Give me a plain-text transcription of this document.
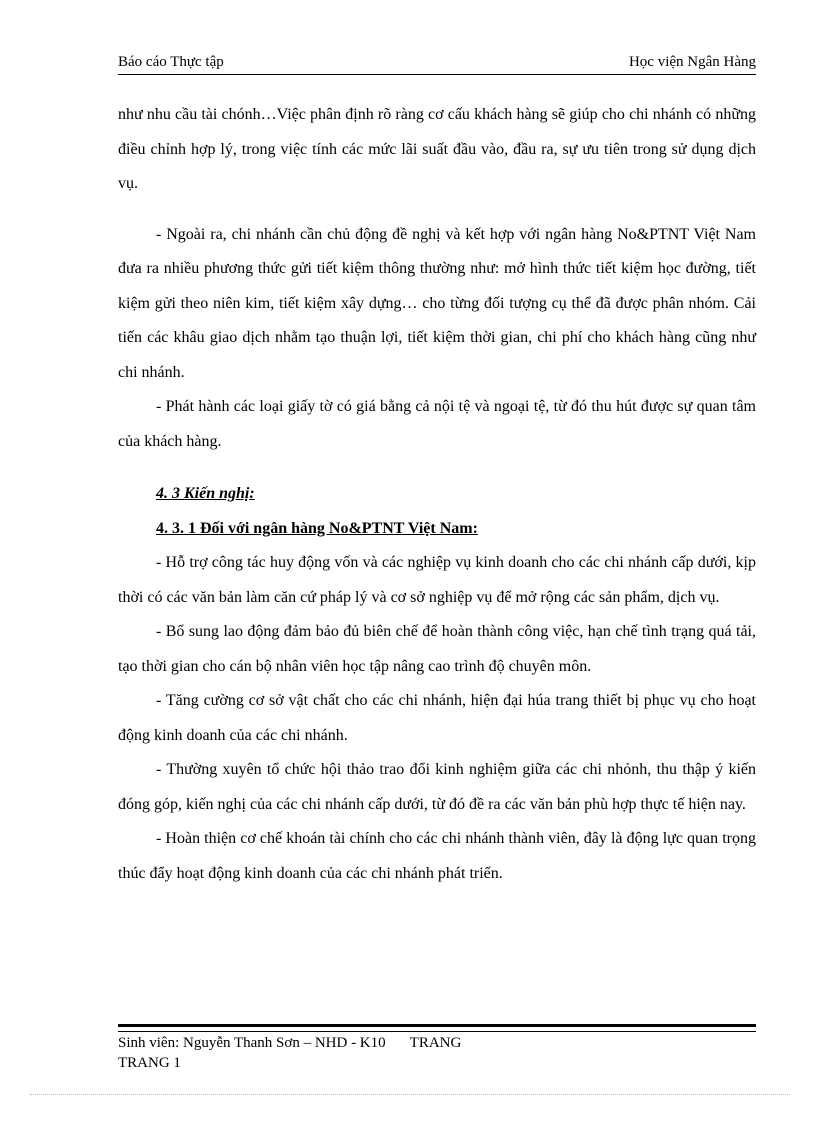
Báo cáo Thực tập	Học viện Ngân Hàng

như nhu cầu tài chónh…Việc phân định rõ ràng cơ cấu khách hàng sẽ giúp cho chi nhánh có những điều chỉnh hợp lý, trong việc tính các mức lãi suất đầu vào, đầu ra, sự ưu tiên trong sử dụng dịch vụ.

- Ngoài ra, chi nhánh cần chủ động đề nghị và kết hợp với ngân hàng No&PTNT Việt Nam đưa ra nhiều phương thức gửi tiết kiệm thông thường như: mở hình thức tiết kiệm học đường, tiết kiệm gửi theo niên kim, tiết kiệm xây dựng… cho từng đối tượng cụ thể đã được phân nhóm. Cải tiến các khâu giao dịch nhằm tạo thuận lợi, tiết kiệm thời gian, chi phí cho khách hàng cũng như chi nhánh.

- Phát hành các loại giấy tờ có giá bằng cả nội tệ và ngoại tệ, từ đó thu hút được sự quan tâm của khách hàng.

4. 3 Kiến nghị:

4. 3. 1 Đối với ngân hàng No&PTNT Việt Nam:

- Hỗ trợ công tác huy động vốn và các nghiệp vụ kinh doanh cho các chi nhánh cấp dưới, kịp thời có các văn bản làm căn cứ pháp lý và cơ sở nghiệp vụ để mở rộng các sản phẩm, dịch vụ.

- Bổ sung lao động đảm bảo đủ biên chế để hoàn thành công việc, hạn chế tình trạng quá tải, tạo thời gian cho cán bộ nhân viên học tập nâng cao trình độ chuyên môn.

- Tăng cường cơ sở vật chất cho các chi nhánh, hiện đại húa trang thiết bị phục vụ cho hoạt động kinh doanh của các chi nhánh.

- Thường xuyên tổ chức hội thảo trao đổi kinh nghiệm giữa các chi nhỏnh, thu thập ý kiến đóng góp, kiến nghị của các chi nhánh cấp dưới, từ đó đề ra các văn bản phù hợp thực tế hiện nay.

- Hoàn thiện cơ chế khoán tài chính cho các chi nhánh thành viên, đây là động lực quan trọng thúc đẩy hoạt động kinh doanh của các chi nhánh phát triển.

Sinh viên: Nguyễn Thanh Sơn – NHD - K10 TRANG
TRANG 1
